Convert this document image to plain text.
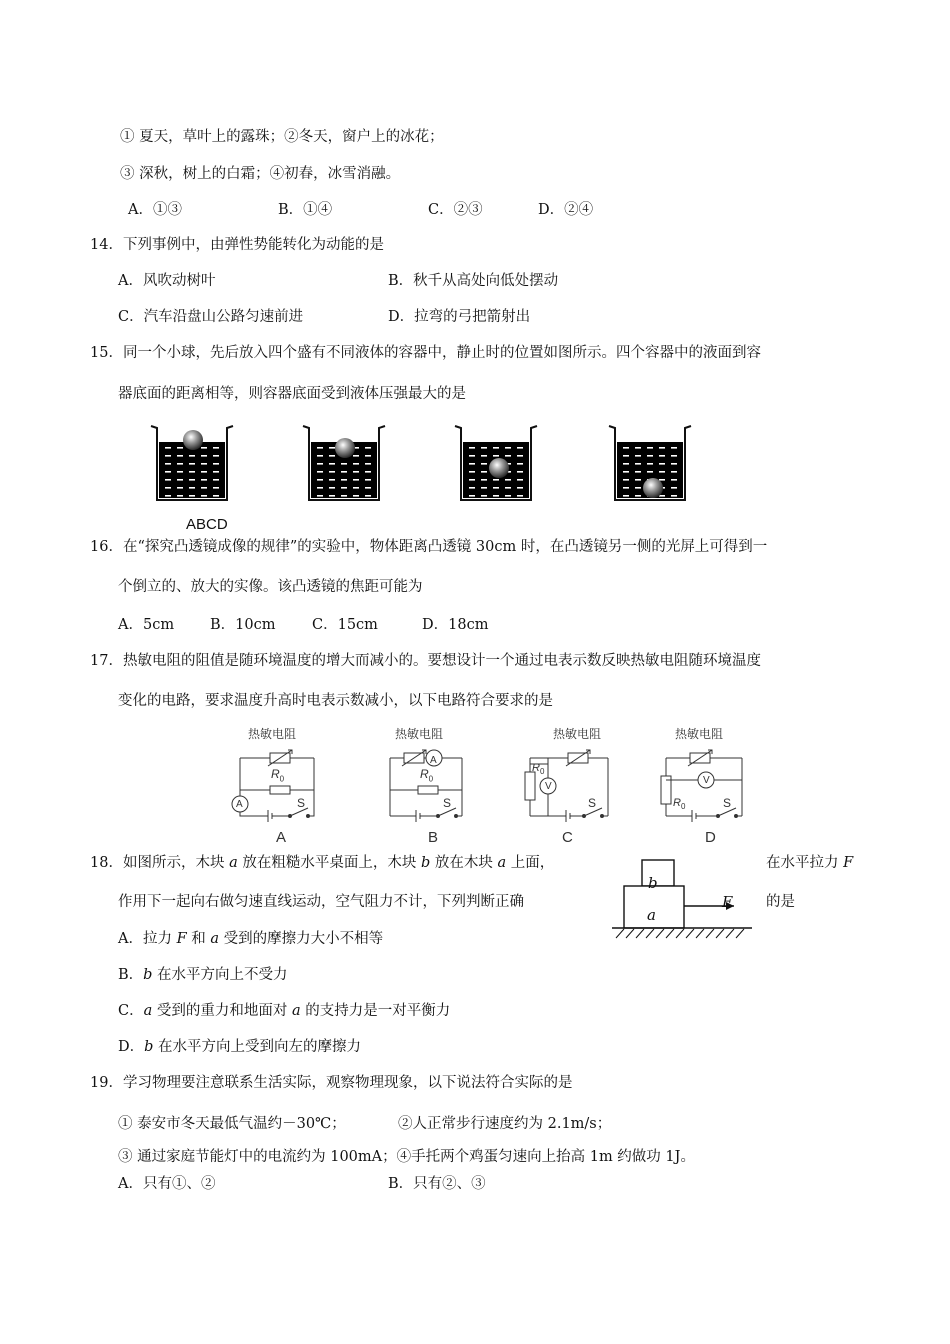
① 夏天，草叶上的露珠；②冬天，窗户上的冰花；
③ 深秋，树上的白霜；④初春，冰雪消融。
A．①③	B．①④	C．②③	D．②④
14．下列事例中，由弹性势能转化为动能的是
A．风吹动树叶	B．秋千从高处向低处摆动
C．汽车沿盘山公路匀速前进	D．拉弯的弓把箭射出
15．同一个小球，先后放入四个盛有不同液体的容器中，静止时的位置如图所示。四个容器中的液面到容
器底面的距离相等，则容器底面受到液体压强最大的是
ABCD
16．在“探究凸透镜成像的规律”的实验中，物体距离凸透镜 30cm 时，在凸透镜另一侧的光屏上可得到一
个倒立的、放大的实像。该凸透镜的焦距可能为
A．5cm B．10cm	C．15cm	D．18cm
17．热敏电阻的阻值是随环境温度的增大而减小的。要想设计一个通过电表示数反映热敏电阻随环境温度
变化的电路，要求温度升高时电表示数减小，以下电路符合要求的是
热敏电阻
$R_0$
A	S
A
热敏电阻
A
$R_0$
S
B
热敏电阻
$R_0$
V
S
C
热敏电阻
V
$R_0$	S
D
18．如图所示，木块 a 放在粗糙水平桌面上，木块 b 放在木块 a 上面，	在水平拉力 F
作用下一起向右做匀速直线运动，空气阻力不计，下列判断正确	的是
b
a
F
A．拉力 F 和 a 受到的摩擦力大小不相等
B．b 在水平方向上不受力
C．a 受到的重力和地面对 a 的支持力是一对平衡力
D．b 在水平方向上受到向左的摩擦力
19．学习物理要注意联系生活实际，观察物理现象，以下说法符合实际的是
① 泰安市冬天最低气温约－30℃；	②人正常步行速度约为 2.1m/s；
③ 通过家庭节能灯中的电流约为 100mA；④手托两个鸡蛋匀速向上抬高 1m 约做功 1J。
A．只有①、②	B．只有②、③
